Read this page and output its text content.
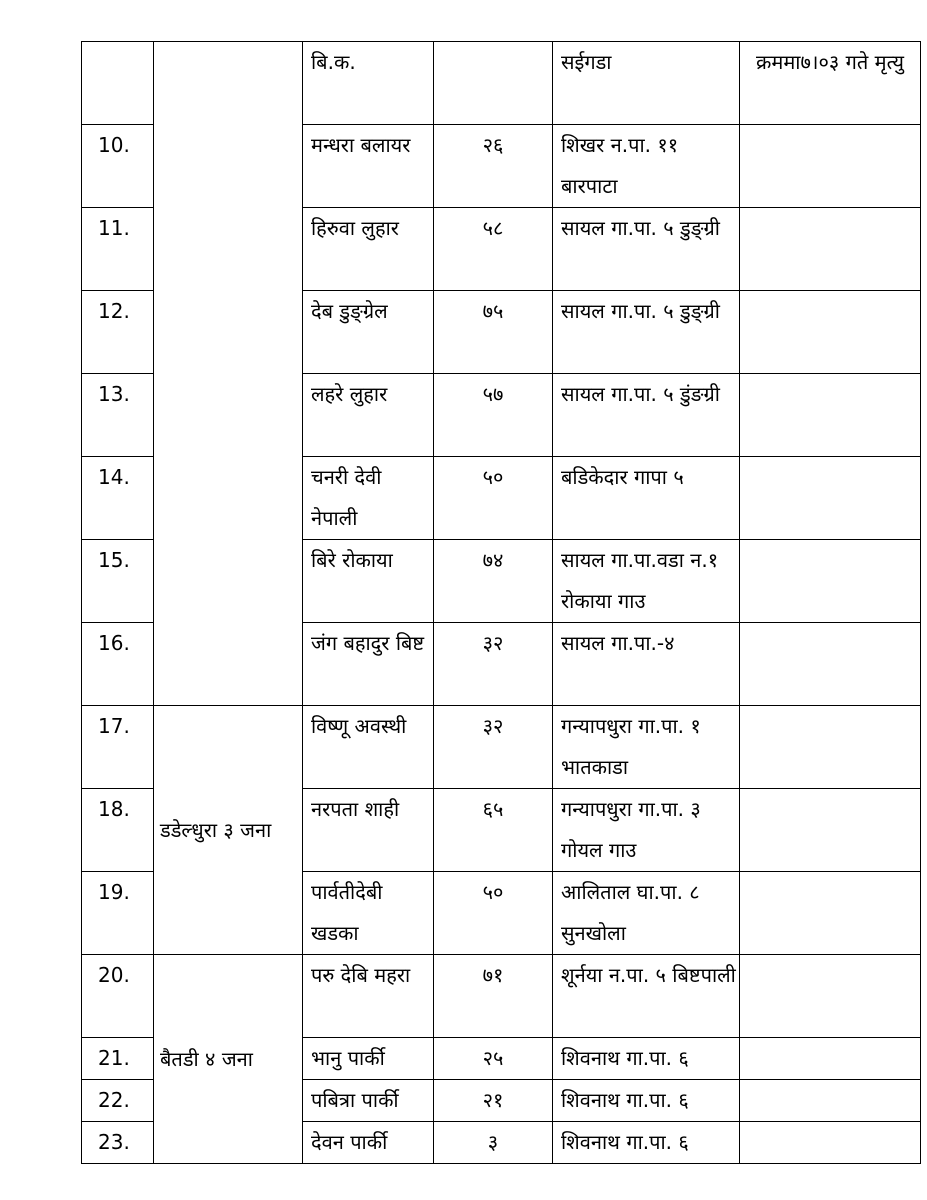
		बि.क.		सईगडा	क्रममा७।०३ गते मृत्यु
10.		मन्धरा बलायर	२६	शिखर न.पा. ११ बारपाटा	
11.		हिरुवा लुहार	५८	सायल गा.पा. ५ डुङ्ग्री	
12.		देब डुङ्ग्रेल	७५	सायल गा.पा. ५ डुङ्ग्री	
13.		लहरे लुहार	५७	सायल गा.पा. ५ डुंङग्री	
14.		चनरी देवी नेपाली	५०	बडिकेदार गापा ५	
15.		बिरे रोकाया	७४	सायल गा.पा.वडा न.१ रोकाया गाउ	
16.		जंग बहादुर बिष्ट	३२	सायल गा.पा.-४	
17.	डडेल्धुरा ३ जना	विष्णू अवस्थी	३२	गन्यापधुरा गा.पा. १ भातकाडा	
18.		नरपता शाही	६५	गन्यापधुरा गा.पा. ३ गोयल गाउ	
19.		पार्वतीदेबी खडका	५०	आलिताल घा.पा. ८ सुनखोला	
20.	बैतडी ४ जना	परु देबि महरा	७१	शूर्नया न.पा. ५ बिष्टपाली	
21.		भानु पार्की	२५	शिवनाथ गा.पा. ६	
22.		पबित्रा पार्की	२१	शिवनाथ गा.पा. ६	
23.		देवन पार्की	३	शिवनाथ गा.पा. ६	
